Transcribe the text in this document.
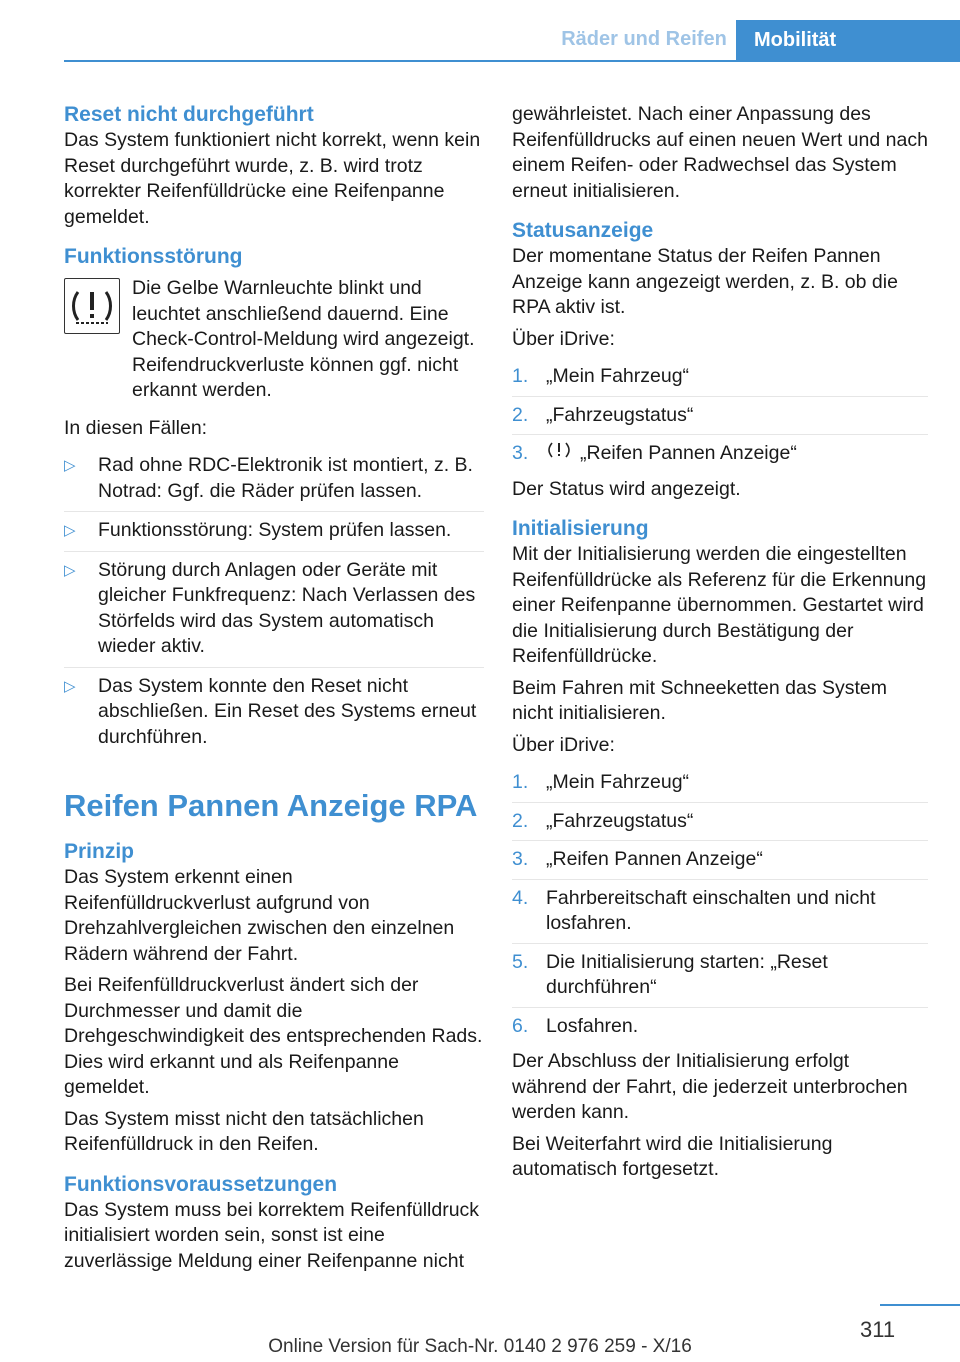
Räder und Reifen	Mobilität
Reset nicht durchgeführt

Das System funktioniert nicht korrekt, wenn kein Reset durchgeführt wurde, z. B. wird trotz korrekter Reifenfülldrücke eine Reifenpanne gemeldet.

Funktionsstörung
Die Gelbe Warnleuchte blinkt und leuchtet anschließend dauernd. Eine Check-Control-Meldung wird angezeigt. Reifendruckverluste können ggf. nicht erkannt werden.

In diesen Fällen:

▷ Rad ohne RDC-Elektronik ist montiert, z. B. Notrad: Ggf. die Räder prüfen lassen.
▷ Funktionsstörung: System prüfen lassen.
▷ Störung durch Anlagen oder Geräte mit gleicher Funkfrequenz: Nach Verlassen des Störfelds wird das System automatisch wieder aktiv.
▷ Das System konnte den Reset nicht abschließen. Ein Reset des Systems erneut durchführen.
Reifen Pannen Anzeige RPA
Prinzip

Das System erkennt einen Reifenfülldruckverlust aufgrund von Drehzahlvergleichen zwischen den einzelnen Rädern während der Fahrt.

Bei Reifenfülldruckverlust ändert sich der Durchmesser und damit die Drehgeschwindigkeit des entsprechenden Rads. Dies wird erkannt und als Reifenpanne gemeldet.

Das System misst nicht den tatsächlichen Reifenfülldruck in den Reifen.

Funktionsvoraussetzungen

Das System muss bei korrektem Reifenfülldruck initialisiert worden sein, sonst ist eine zuverlässige Meldung einer Reifenpanne nicht

gewährleistet. Nach einer Anpassung des Reifenfülldrucks auf einen neuen Wert und nach einem Reifen- oder Radwechsel das System erneut initialisieren.

Statusanzeige

Der momentane Status der Reifen Pannen Anzeige kann angezeigt werden, z. B. ob die RPA aktiv ist.

Über iDrive:

1. „Mein Fahrzeug“
2. „Fahrzeugstatus“
3.	„Reifen Pannen Anzeige“

Der Status wird angezeigt.

Initialisierung

Mit der Initialisierung werden die eingestellten Reifenfülldrücke als Referenz für die Erkennung einer Reifenpanne übernommen. Gestartet wird die Initialisierung durch Bestätigung der Reifenfülldrücke.

Beim Fahren mit Schneeketten das System nicht initialisieren.

Über iDrive:

1. „Mein Fahrzeug“
2. „Fahrzeugstatus“
3. „Reifen Pannen Anzeige“
4. Fahrbereitschaft einschalten und nicht losfahren.
5. Die Initialisierung starten: „Reset durchführen“
6. Losfahren.

Der Abschluss der Initialisierung erfolgt während der Fahrt, die jederzeit unterbrochen werden kann.

Bei Weiterfahrt wird die Initialisierung automatisch fortgesetzt.

311
Online Version für Sach-Nr. 0140 2 976 259 - X/16
